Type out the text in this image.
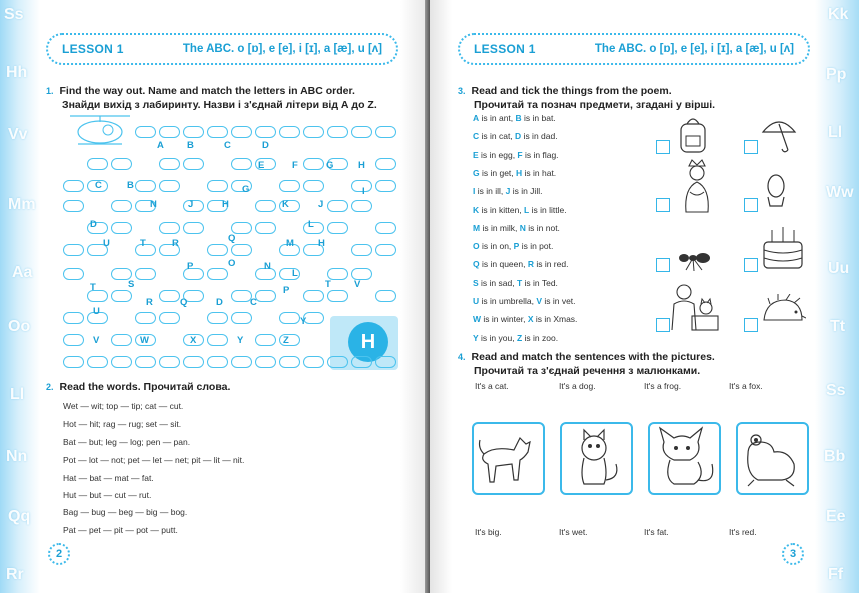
Ss
Hh
Vv
Mm
Aa
Oo
Ll
Nn
Qq
Rr
LESSON 1	The ABC. o [ɒ], e [e], i [ɪ], a [æ], u [ʌ]
1. Find the way out. Name and match the letters in ABC order.
Знайди вихід з лабиринту. Назви і з'єднай літери від А до Z.
H
2. Read the words. Прочитай слова.
Wet — wit; top — tip; cat — cut.
Hot — hit; rag — rug; set — sit.
Bat — but; leg — log; pen — pan.
Pot — lot — not; pet — let — net; pit — lit — nit.
Hat — bat — mat — fat.
Hut — but — cut — rut.
Bag — bug — beg — big — bog.
Pat — pet — pit — pot — putt.
2
A B	C	D
E	F	G	H
C	B	G	I
N	J	H	K	J
D	L
Q
U	T	R	M	H
P	O	N
L
T	S
P
T V
R	Q	D	C
U
Y
V	W	X	Y	Z
Kk
Pp
Ll
Ww
Uu
Tt
Ss
Bb
Ee
Ff
LESSON 1	The ABC. o [ɒ], e [e], i [ɪ], a [æ], u [ʌ]
3. Read and tick the things from the poem.
Прочитай та познач предмети, згадані у вірші.
4. Read and match the sentences with the pictures.
Прочитай та з'єднай речення з малюнками.
It's a cat.	It's a dog.	It's a frog.	It's a fox.
It's big.	It's wet.	It's fat.	It's red.
3
A is in ant, B is in bat.
C is in cat, D is in dad.
E is in egg, F is in flag.
G is in get, H is in hat.
I is in ill, J is in Jill.
K is in kitten, L is in little.
M is in milk, N is in not.
O is in on, P is in pot.
Q is in queen, R is in red.
S is in sad, T is in Ted.
U is in umbrella, V is in vet.
W is in winter, X is in Xmas.
Y is in you, Z is in zoo.
